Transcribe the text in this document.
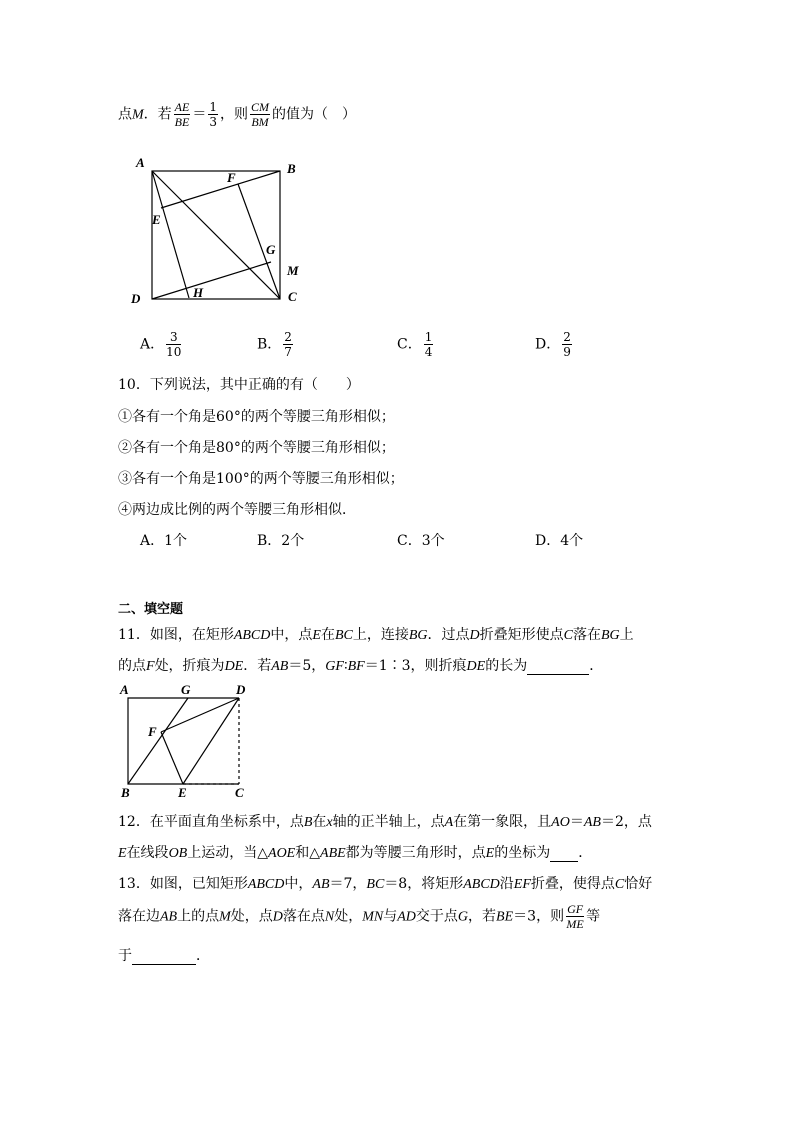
点M．若 $\frac{AE}{BE} = \frac{1}{3}$ ，则 $\frac{CM}{BM}$ 的值为（　）
A	B
C
D
E
F
G
H
M
A． $\frac{3}{10}$	B． $\frac{2}{7}$	C． $\frac{1}{4}$	D． $\frac{2}{9}$
10．下列说法，其中正确的有（　　）
①各有一个角是60°的两个等腰三角形相似；
②各有一个角是80°的两个等腰三角形相似；
③各有一个角是100°的两个等腰三角形相似；
④两边成比例的两个等腰三角形相似．
A．1个	B．2个	C．3个	D．4个
二、填空题
11．如图，在矩形ABCD中，点E在BC上，连接BG．过点D折叠矩形使点C落在BG上
的点F处，折痕为DE．若AB＝5，GF∶BF＝1∶3，则折痕DE的长为	．
A	G	D
F
B	E	C
12．在平面直角坐标系中，点B在x轴的正半轴上，点A在第一象限，且AO＝AB＝2，点
E在线段OB上运动，当△AOE和△ABE都为等腰三角形时，点E的坐标为 ．
13．如图，已知矩形ABCD中，AB＝7，BC＝8，将矩形ABCD沿EF折叠，使得点C恰好
落在边AB上的点M处，点D落在点N处，MN与AD交于点G，若BE＝3，则 $\frac{GF}{ME}$ 等
于	．
